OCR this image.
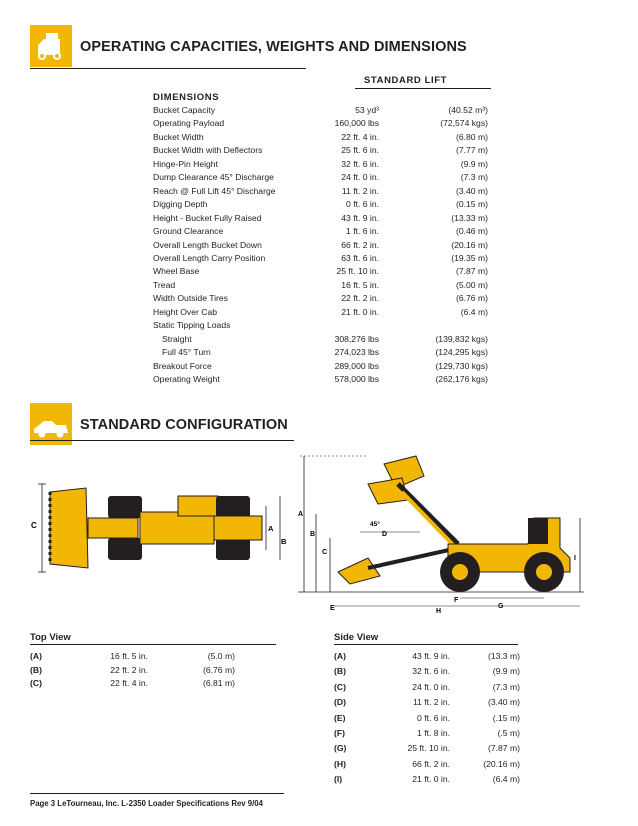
OPERATING CAPACITIES, WEIGHTS AND DIMENSIONS
STANDARD LIFT
DIMENSIONS
Bucket Capacity	53 yd³	(40.52 m³)
Operating Payload	160,000 lbs	(72,574 kgs)
Bucket Width	22 ft. 4 in.	(6.80 m)
Bucket Width with Deflectors	25 ft. 6 in.	(7.77 m)
Hinge-Pin Height	32 ft. 6 in.	(9.9 m)
Dump Clearance 45° Discharge	24 ft. 0 in.	(7.3 m)
Reach @ Full Lift 45° Discharge	11 ft. 2 in.	(3.40 m)
Digging Depth	0 ft. 6 in.	(0.15 m)
Height - Bucket Fully Raised	43 ft. 9 in.	(13.33 m)
Ground Clearance	1 ft. 6 in.	(0.46 m)
Overall Length Bucket Down	66 ft. 2 in.	(20.16 m)
Overall Length Carry Position	63 ft. 6 in.	(19.35 m)
Wheel Base	25 ft. 10 in.	(7.87 m)
Tread	16 ft. 5 in.	(5.00 m)
Width Outside Tires	22 ft. 2 in.	(6.76 m)
Height Over Cab	21 ft. 0 in.	(6.4 m)
Static Tipping Loads
Straight	308,276 lbs	(139,832 kgs)
Full 45° Turn	274,023 lbs	(124,295 kgs)
Breakout Force	289,000 lbs	(129,730 kgs)
Operating Weight	578,000 lbs	(262,176 kgs)
STANDARD CONFIGURATION
C	A
B
A
B
C
45°
D
I
F
G
H
E
Top View
(A)	16 ft. 5 in.	(5.0 m)
(B)	22 ft. 2 in.	(6.76 m)
(C)	22 ft. 4 in.	(6.81 m)
Side View
(A)	43 ft. 9 in.	(13.3 m)
(B)	32 ft. 6 in.	(9.9 m)
(C)	24 ft. 0 in.	(7.3 m)
(D)	11 ft. 2 in.	(3.40 m)
(E)	0 ft. 6 in.	(.15 m)
(F)	1 ft. 8 in.	(.5 m)
(G)	25 ft. 10 in.	(7.87 m)
(H)	66 ft. 2 in.	(20.16 m)
(I)	21 ft. 0 in.	(6.4 m)
Page 3 LeTourneau, Inc. L-2350 Loader Specifications Rev 9/04
